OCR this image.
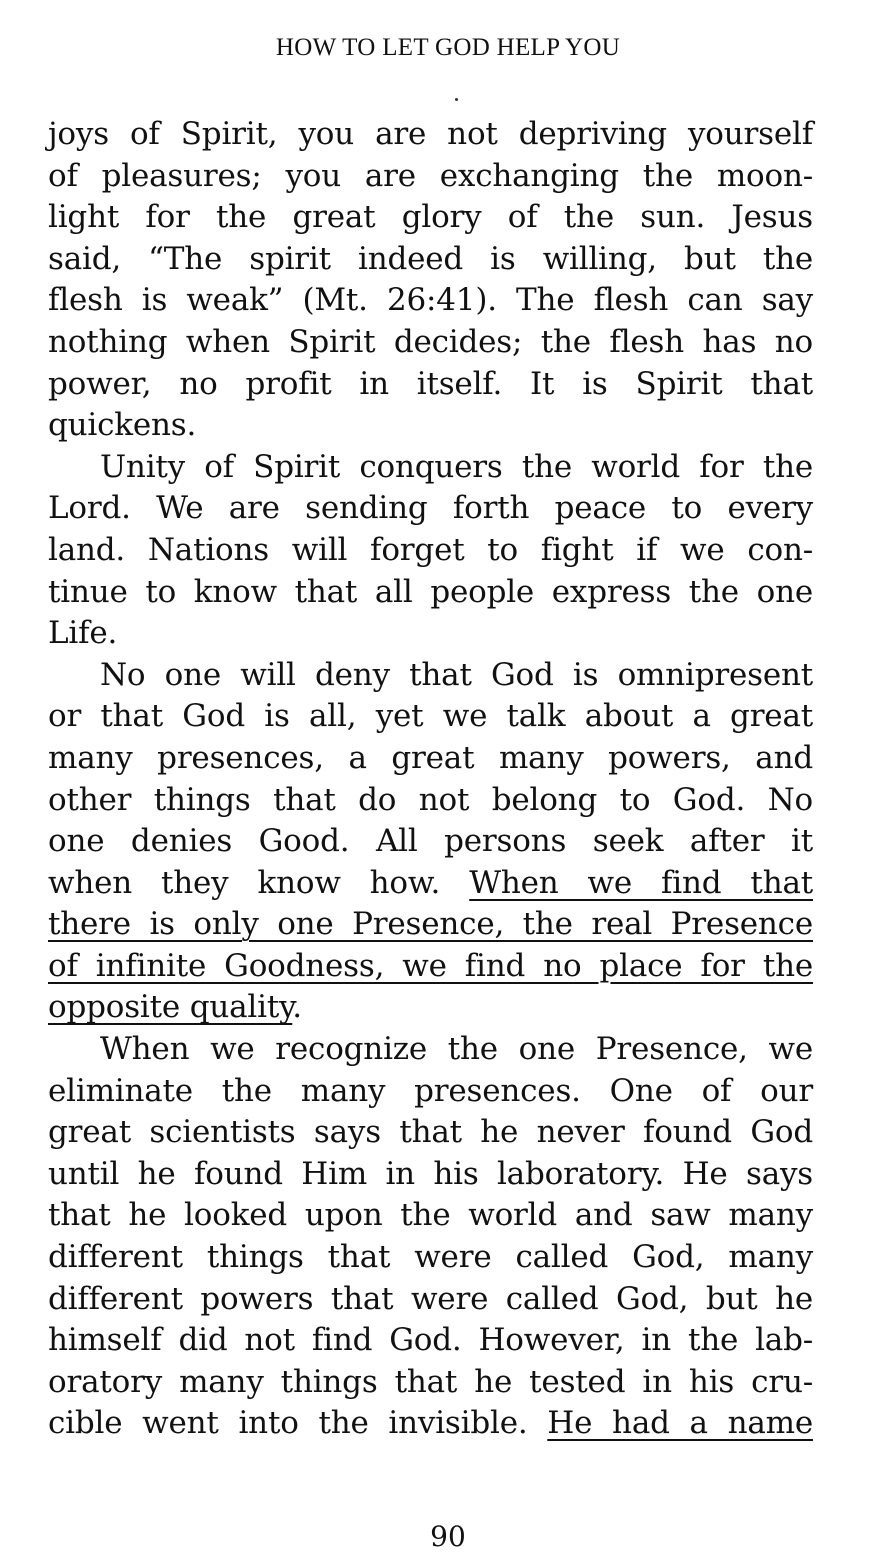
HOW TO LET GOD HELP YOU
joys of Spirit, you are not depriving yourself
of pleasures; you are exchanging the moon-
light for the great glory of the sun. Jesus
said, “The spirit indeed is willing, but the
flesh is weak” (Mt. 26:41). The flesh can say
nothing when Spirit decides; the flesh has no
power, no profit in itself. It is Spirit that
quickens.
Unity of Spirit conquers the world for the
Lord. We are sending forth peace to every
land. Nations will forget to fight if we con-
tinue to know that all people express the one
Life.
No one will deny that God is omnipresent
or that God is all, yet we talk about a great
many presences, a great many powers, and
other things that do not belong to God. No
one denies Good. All persons seek after it
when they know how. When we find that
there is only one Presence, the real Presence
of infinite Goodness, we find no place for the
opposite quality.
When we recognize the one Presence, we
eliminate the many presences. One of our
great scientists says that he never found God
until he found Him in his laboratory. He says
that he looked upon the world and saw many
different things that were called God, many
different powers that were called God, but he
himself did not find God. However, in the lab-
oratory many things that he tested in his cru-
cible went into the invisible. He had a name
90
